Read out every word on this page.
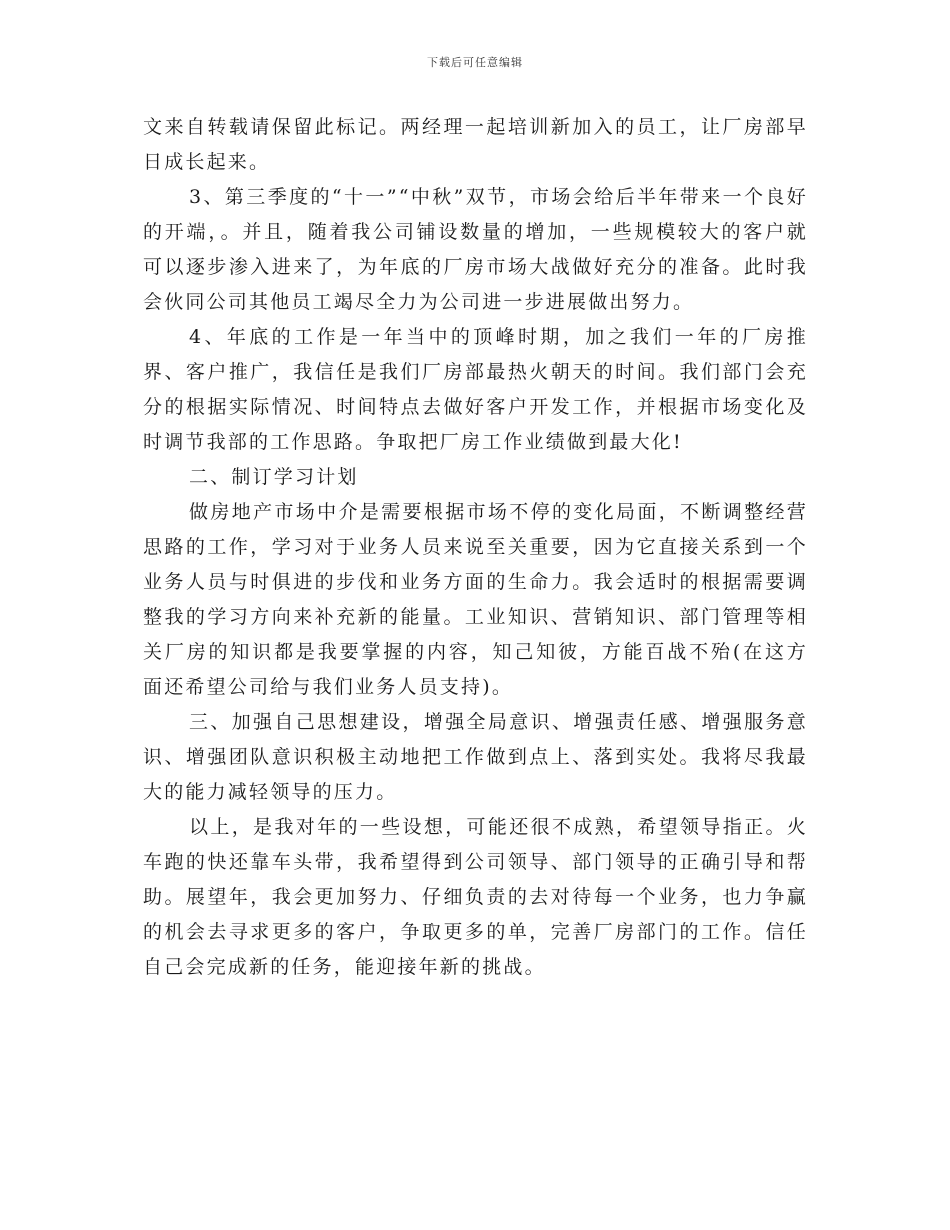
下载后可任意编辑

文来自转载请保留此标记。两经理一起培训新加入的员工，让厂房部早日成长起来。

3、第三季度的“十一”“中秋”双节，市场会给后半年带来一个良好的开端，。并且，随着我公司铺设数量的增加，一些规模较大的客户就可以逐步渗入进来了，为年底的厂房市场大战做好充分的准备。此时我会伙同公司其他员工竭尽全力为公司进一步进展做出努力。

4、年底的工作是一年当中的顶峰时期，加之我们一年的厂房推界、客户推广，我信任是我们厂房部最热火朝天的时间。我们部门会充分的根据实际情况、时间特点去做好客户开发工作，并根据市场变化及时调节我部的工作思路。争取把厂房工作业绩做到最大化!

二、制订学习计划

做房地产市场中介是需要根据市场不停的变化局面，不断调整经营思路的工作，学习对于业务人员来说至关重要，因为它直接关系到一个业务人员与时俱进的步伐和业务方面的生命力。我会适时的根据需要调整我的学习方向来补充新的能量。工业知识、营销知识、部门管理等相关厂房的知识都是我要掌握的内容，知己知彼，方能百战不殆(在这方面还希望公司给与我们业务人员支持)。

三、加强自己思想建设，增强全局意识、增强责任感、增强服务意识、增强团队意识积极主动地把工作做到点上、落到实处。我将尽我最大的能力减轻领导的压力。

以上，是我对年的一些设想，可能还很不成熟，希望领导指正。火车跑的快还靠车头带，我希望得到公司领导、部门领导的正确引导和帮助。展望年，我会更加努力、仔细负责的去对待每一个业务，也力争赢的机会去寻求更多的客户，争取更多的单，完善厂房部门的工作。信任自己会完成新的任务，能迎接年新的挑战。
